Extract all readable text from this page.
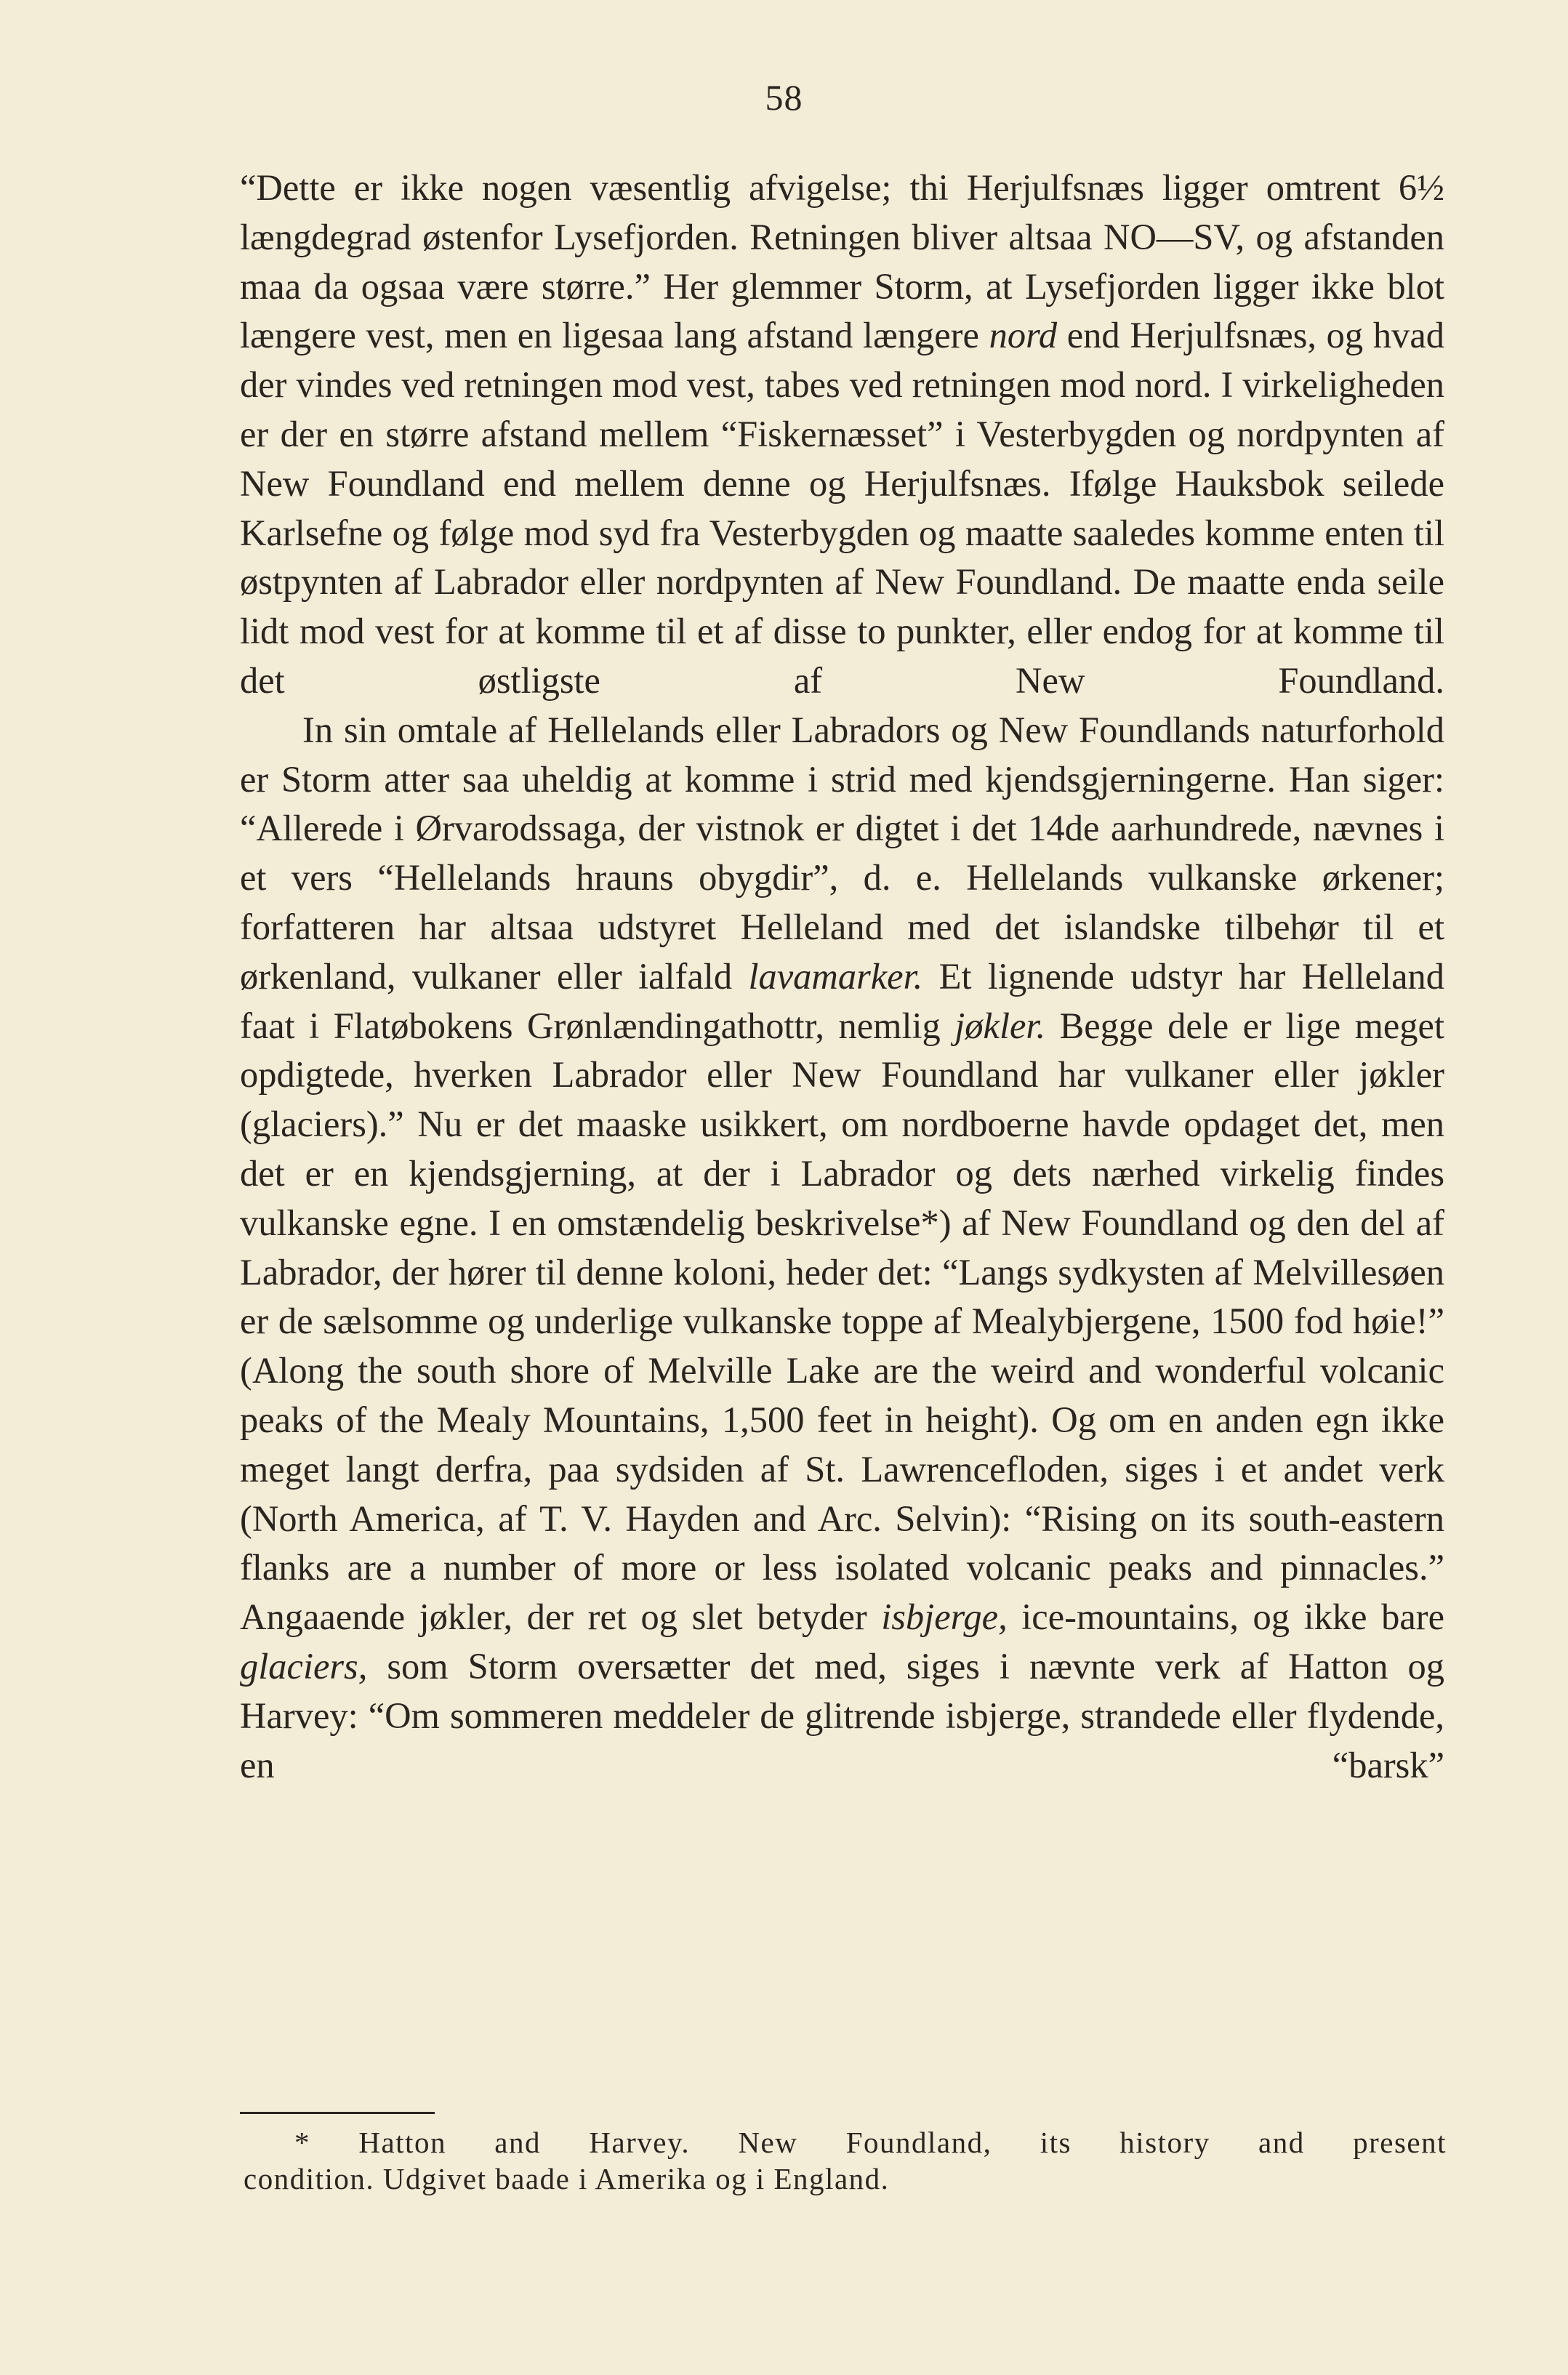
58

“Dette er ikke nogen væsentlig afvigelse; thi Herjulfsnæs ligger omtrent 6½ længdegrad østenfor Lysefjorden. Retningen bliver altsaa NO—SV, og afstanden maa da ogsaa være større.” Her glemmer Storm, at Lysefjorden ligger ikke blot længere vest, men en ligesaa lang afstand længere nord end Herjulfsnæs, og hvad der vindes ved retningen mod vest, tabes ved retningen mod nord. I virkeligheden er der en større afstand mellem “Fiskernæsset” i Vesterbygden og nordpynten af New Foundland end mellem denne og Herjulfsnæs. Ifølge Hauksbok seilede Karlsefne og følge mod syd fra Vesterbygden og maatte saaledes komme enten til østpynten af Labrador eller nordpynten af New Foundland. De maatte enda seile lidt mod vest for at komme til et af disse to punkter, eller endog for at komme til det østligste af New Foundland.

In sin omtale af Hellelands eller Labradors og New Foundlands naturforhold er Storm atter saa uheldig at komme i strid med kjendsgjerningerne. Han siger: “Allerede i Ørvarodssaga, der vistnok er digtet i det 14de aarhundrede, nævnes i et vers “Hellelands hrauns obygdir”, d. e. Hellelands vulkanske ørkener; forfatteren har altsaa udstyret Helleland med det islandske tilbehør til et ørkenland, vulkaner eller ialfald lavamarker. Et lignende udstyr har Helleland faat i Flatøbokens Grønlændingathottr, nemlig jøkler. Begge dele er lige meget opdigtede, hverken Labrador eller New Foundland har vulkaner eller jøkler (glaciers).” Nu er det maaske usikkert, om nordboerne havde opdaget det, men det er en kjendsgjerning, at der i Labrador og dets nærhed virkelig findes vulkanske egne. I en omstændelig beskrivelse*) af New Foundland og den del af Labrador, der hører til denne koloni, heder det: “Langs sydkysten af Melvillesøen er de sælsomme og underlige vulkanske toppe af Mealybjergene, 1500 fod høie!” (Along the south shore of Melville Lake are the weird and wonderful volcanic peaks of the Mealy Mountains, 1,500 feet in height). Og om en anden egn ikke meget langt derfra, paa sydsiden af St. Lawrencefloden, siges i et andet verk (North America, af T. V. Hayden and Arc. Selvin): “Rising on its south-eastern flanks are a number of more or less isolated volcanic peaks and pinnacles.” Angaaende jøkler, der ret og slet betyder isbjerge, ice-mountains, og ikke bare glaciers, som Storm oversætter det med, siges i nævnte verk af Hatton og Harvey: “Om sommeren meddeler de glitrende isbjerge, strandede eller flydende, en “barsk”

* Hatton and Harvey. New Foundland, its history and present
condition. Udgivet baade i Amerika og i England.
